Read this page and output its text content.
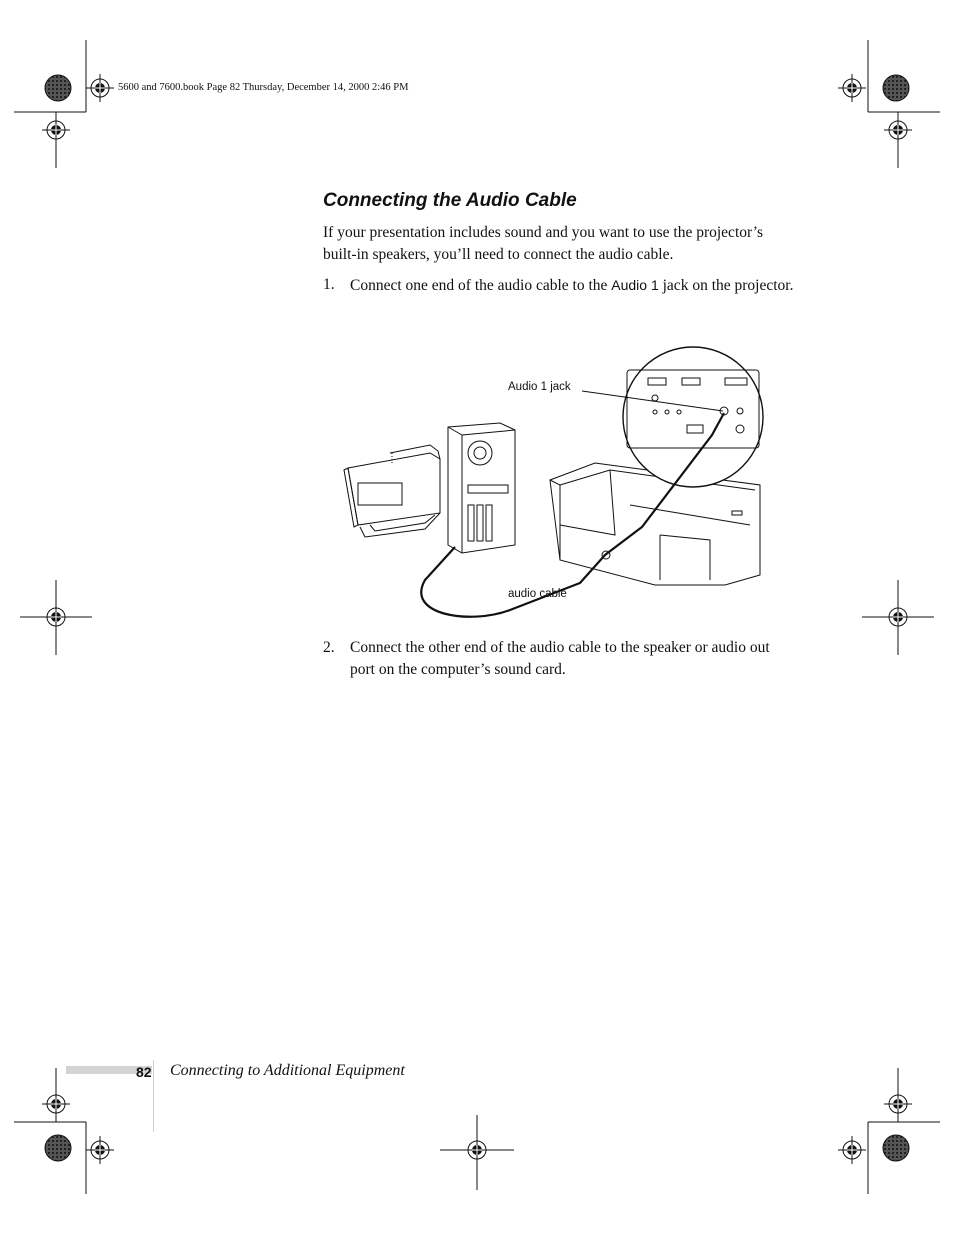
5600 and 7600.book Page 82 Thursday, December 14, 2000 2:46 PM
Connecting the Audio Cable
If your presentation includes sound and you want to use the projector’s built-in speakers, you’ll need to connect the audio cable.
1. Connect one end of the audio cable to the Audio 1 jack on the projector.
Audio 1 jack
audio cable
2. Connect the other end of the audio cable to the speaker or audio out port on the computer’s sound card.
82 Connecting to Additional Equipment
